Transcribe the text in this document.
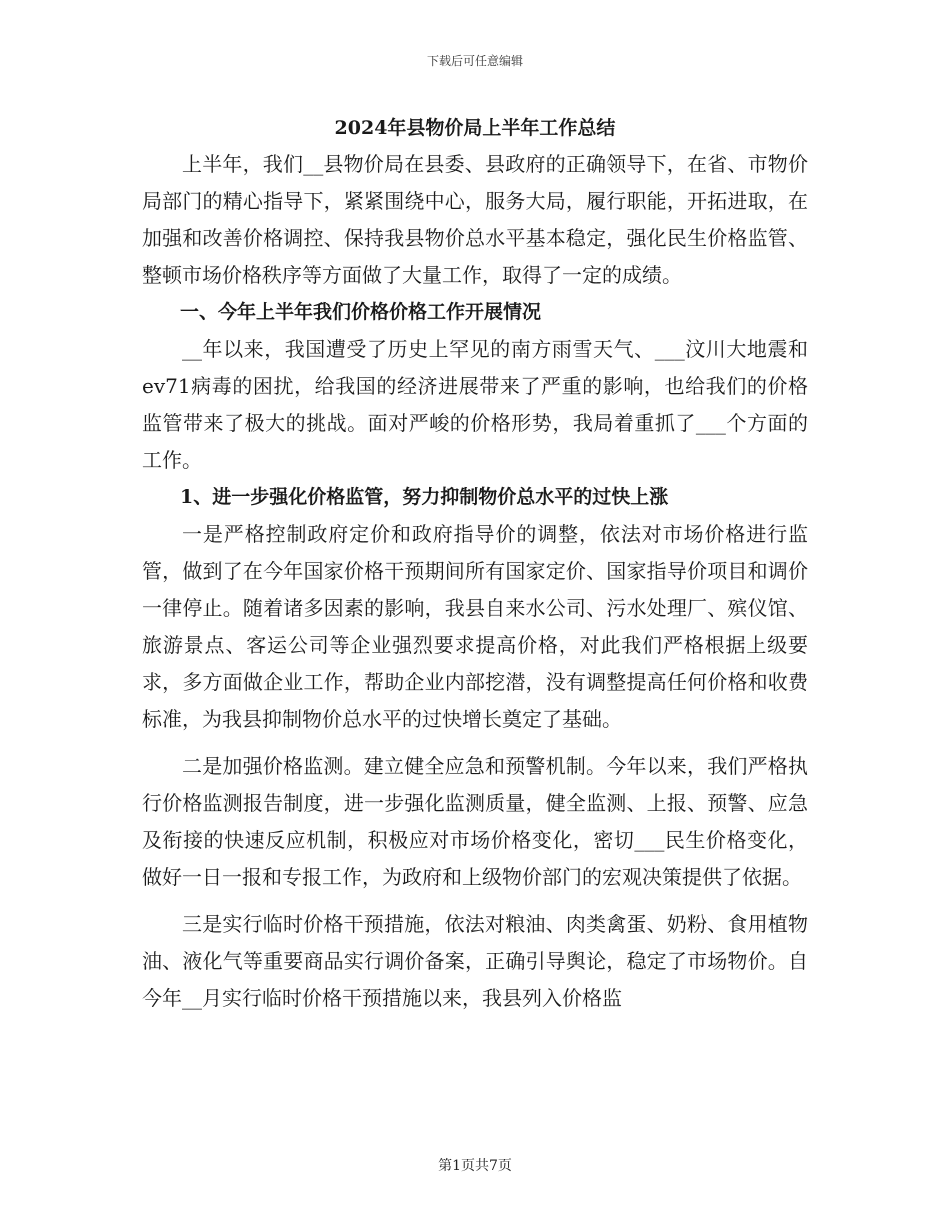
下载后可任意编辑
2024年县物价局上半年工作总结

上半年，我们__县物价局在县委、县政府的正确领导下，在省、市物价局部门的精心指导下，紧紧围绕中心，服务大局，履行职能，开拓进取，在加强和改善价格调控、保持我县物价总水平基本稳定，强化民生价格监管、整顿市场价格秩序等方面做了大量工作，取得了一定的成绩。

一、今年上半年我们价格价格工作开展情况

__年以来，我国遭受了历史上罕见的南方雨雪天气、___汶川大地震和ev71病毒的困扰，给我国的经济进展带来了严重的影响，也给我们的价格监管带来了极大的挑战。面对严峻的价格形势，我局着重抓了___个方面的工作。

1、进一步强化价格监管，努力抑制物价总水平的过快上涨

一是严格控制政府定价和政府指导价的调整，依法对市场价格进行监管，做到了在今年国家价格干预期间所有国家定价、国家指导价项目和调价一律停止。随着诸多因素的影响，我县自来水公司、污水处理厂、殡仪馆、旅游景点、客运公司等企业强烈要求提高价格，对此我们严格根据上级要求，多方面做企业工作，帮助企业内部挖潜，没有调整提高任何价格和收费标准，为我县抑制物价总水平的过快增长奠定了基础。

二是加强价格监测。建立健全应急和预警机制。今年以来，我们严格执行价格监测报告制度，进一步强化监测质量，健全监测、上报、预警、应急及衔接的快速反应机制，积极应对市场价格变化，密切___民生价格变化，做好一日一报和专报工作，为政府和上级物价部门的宏观决策提供了依据。

三是实行临时价格干预措施，依法对粮油、肉类禽蛋、奶粉、食用植物油、液化气等重要商品实行调价备案，正确引导舆论，稳定了市场物价。自今年__月实行临时价格干预措施以来，我县列入价格监

第1页共7页
